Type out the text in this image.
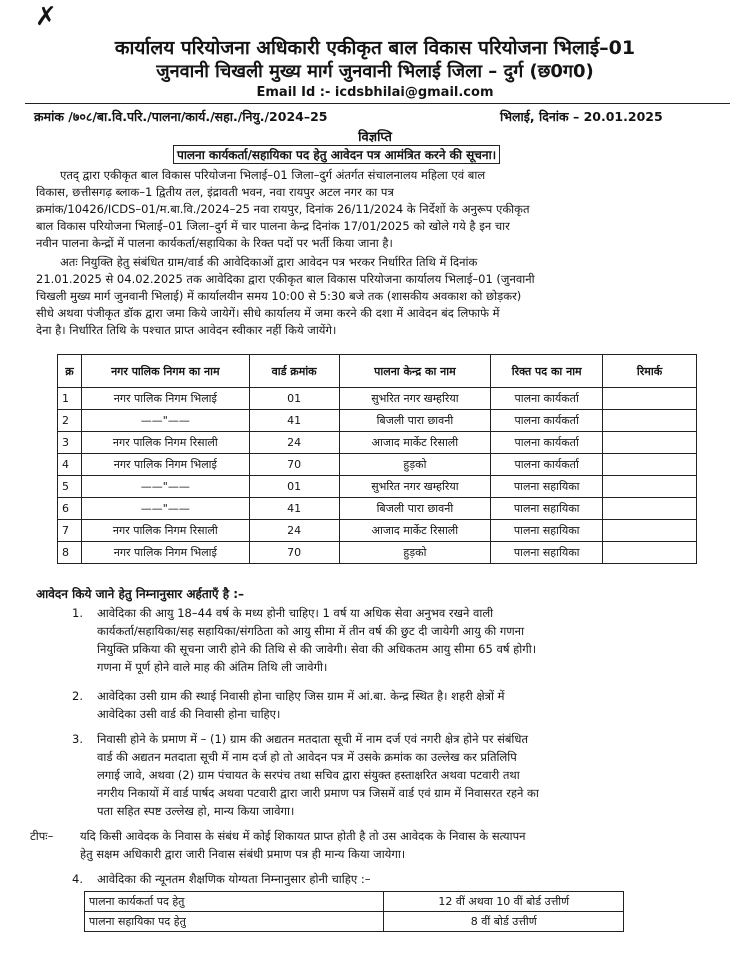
✗
कार्यालय परियोजना अधिकारी एकीकृत बाल विकास परियोजना भिलाई–01
जुनवानी चिखली मुख्य मार्ग जुनवानी भिलाई जिला – दुर्ग (छ0ग0)
Email Id :- icdsbhilai@gmail.com
क्रमांक /७०८/बा.वि.परि./पालना/कार्य./सहा./नियु./2024–25	भिलाई, दिनांक – 20.01.2025
विज्ञप्ति
पालना कार्यकर्ता/सहायिका पद हेतु आवेदन पत्र आमंत्रित करने की सूचना।
एतद् द्वारा एकीकृत बाल विकास परियोजना भिलाई–01 जिला–दुर्ग अंतर्गत संचालनालय महिला एवं बाल
विकास, छत्तीसगढ़ ब्लाक–1 द्वितीय तल, इंद्रावती भवन, नवा रायपुर अटल नगर का पत्र
क्रमांक/10426/ICDS–01/म.बा.वि./2024–25 नवा रायपुर, दिनांक 26/11/2024 के निर्देशों के अनुरूप एकीकृत
बाल विकास परियोजना भिलाई–01 जिला–दुर्ग में चार पालना केन्द्र दिनांक 17/01/2025 को खोले गये है इन चार
नवीन पालना केन्द्रों में पालना कार्यकर्ता/सहायिका के रिक्त पदों पर भर्ती किया जाना है।
अतः नियुक्ति हेतु संबंधित ग्राम/वार्ड की आवेदिकाओं द्वारा आवेदन पत्र भरकर निर्धारित तिथि में दिनांक
21.01.2025 से 04.02.2025 तक आवेदिका द्वारा एकीकृत बाल विकास परियोजना कार्यालय भिलाई–01 (जुनवानी
चिखली मुख्य मार्ग जुनवानी भिलाई) में कार्यालयीन समय 10:00 से 5:30 बजे तक (शासकीय अवकाश को छोड़कर)
सीधे अथवा पंजीकृत डॉक द्वारा जमा किये जायेगें। सीधे कार्यालय में जमा करने की दशा में आवेदन बंद लिफाफे में
देना है। निर्धारित तिथि के पश्चात प्राप्त आवेदन स्वीकार नहीं किये जायेंगे।
क्र	नगर पालिक निगम का नाम	वार्ड क्रमांक	पालना केन्द्र का नाम	रिक्त पद का नाम	रिमार्क
1	नगर पालिक निगम भिलाई	01	सुभरित नगर खम्हरिया	पालना कार्यकर्ता	
2	——"——	41	बिजली पारा छावनी	पालना कार्यकर्ता	
3	नगर पालिक निगम रिसाली	24	आजाद मार्केट रिसाली	पालना कार्यकर्ता	
4	नगर पालिक निगम भिलाई	70	हुड़को	पालना कार्यकर्ता	
5	——"——	01	सुभरित नगर खम्हरिया	पालना सहायिका	
6	——"——	41	बिजली पारा छावनी	पालना सहायिका	
7	नगर पालिक निगम रिसाली	24	आजाद मार्केट रिसाली	पालना सहायिका	
8	नगर पालिक निगम भिलाई	70	हुड़को	पालना सहायिका	
आवेदन किये जाने हेतु निम्नानुसार अर्हताएँ है :–
1. आवेदिका की आयु 18–44 वर्ष के मध्य होनी चाहिए। 1 वर्ष या अधिक सेवा अनुभव रखने वाली
कार्यकर्ता/सहायिका/सह सहायिका/संगठिता को आयु सीमा में तीन वर्ष की छुट दी जायेगी आयु की गणना
नियुक्ति प्रकिया की सूचना जारी होने की तिथि से की जावेगी। सेवा की अधिकतम आयु सीमा 65 वर्ष होगी।
गणना में पूर्ण होने वाले माह की अंतिम तिथि ली जावेगी।
2. आवेदिका उसी ग्राम की स्थाई निवासी होना चाहिए जिस ग्राम में आं.बा. केन्द्र स्थित है। शहरी क्षेत्रों में
आवेदिका उसी वार्ड की निवासी होना चाहिए।
3. निवासी होने के प्रमाण में – (1) ग्राम की अद्यतन मतदाता सूची में नाम दर्ज एवं नगरी क्षेत्र होने पर संबंधित
वार्ड की अद्यतन मतदाता सूची में नाम दर्ज हो तो आवेदन पत्र में उसके क्रमांक का उल्लेख कर प्रतिलिपि
लगाई जावे, अथवा (2) ग्राम पंचायत के सरपंच तथा सचिव द्वारा संयुक्त हस्ताक्षरित अथवा पटवारी तथा
नगरीय निकायों में वार्ड पार्षद अथवा पटवारी द्वारा जारी प्रमाण पत्र जिसमें वार्ड एवं ग्राम में निवासरत रहने का
पता सहित स्पष्ट उल्लेख हो, मान्य किया जावेगा।
टीपः– यदि किसी आवेदक के निवास के संबंध में कोई शिकायत प्राप्त होती है तो उस आवेदक के निवास के सत्यापन
हेतु सक्षम अधिकारी द्वारा जारी निवास संबंधी प्रमाण पत्र ही मान्य किया जायेगा।
4. आवेदिका की न्यूनतम शैक्षणिक योग्यता निम्नानुसार होनी चाहिए :–
पालना कार्यकर्ता पद हेतु	12 वीं अथवा 10 वीं बोर्ड उत्तीर्ण
पालना सहायिका पद हेतु	8 वीं बोर्ड उत्तीर्ण
